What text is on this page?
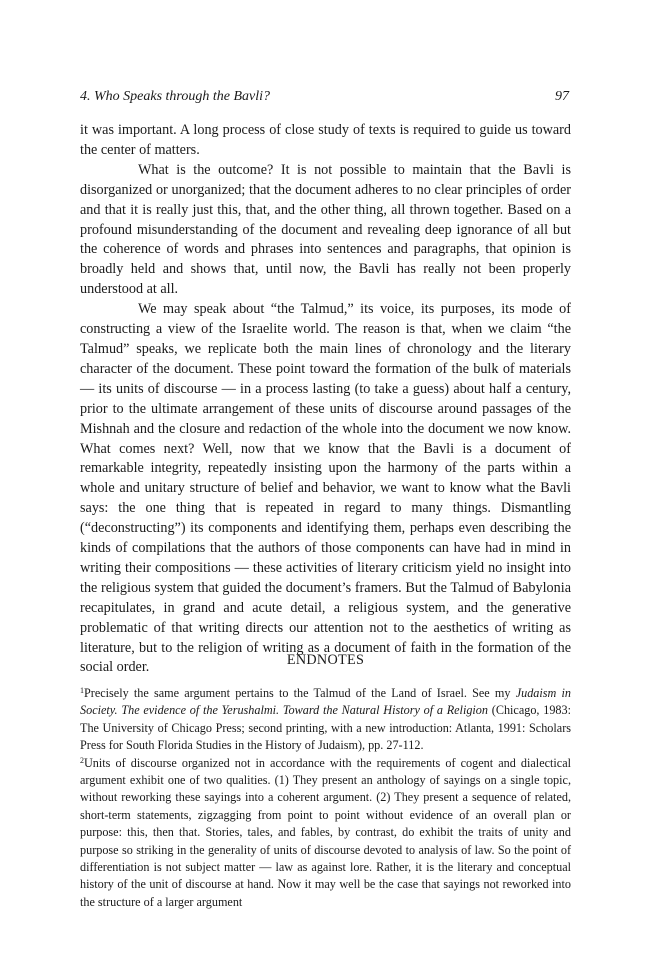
4. Who Speaks through the Bavli?	97

it was important. A long process of close study of texts is required to guide us toward the center of matters.

What is the outcome? It is not possible to maintain that the Bavli is disorganized or unorganized; that the document adheres to no clear principles of order and that it is really just this, that, and the other thing, all thrown together. Based on a profound misunderstanding of the document and revealing deep ignorance of all but the coherence of words and phrases into sentences and paragraphs, that opinion is broadly held and shows that, until now, the Bavli has really not been properly understood at all.

We may speak about “the Talmud,” its voice, its purposes, its mode of constructing a view of the Israelite world. The reason is that, when we claim “the Talmud” speaks, we replicate both the main lines of chronology and the literary character of the document. These point toward the formation of the bulk of materials — its units of discourse — in a process lasting (to take a guess) about half a century, prior to the ultimate arrangement of these units of discourse around passages of the Mishnah and the closure and redaction of the whole into the document we now know. What comes next? Well, now that we know that the Bavli is a document of remarkable integrity, repeatedly insisting upon the harmony of the parts within a whole and unitary structure of belief and behavior, we want to know what the Bavli says: the one thing that is repeated in regard to many things. Dismantling (“deconstructing”) its components and identifying them, perhaps even describing the kinds of compilations that the authors of those components can have had in mind in writing their compositions — these activities of literary criticism yield no insight into the religious system that guided the document’s framers. But the Talmud of Babylonia recapitulates, in grand and acute detail, a religious system, and the generative problematic of that writing directs our attention not to the aesthetics of writing as literature, but to the religion of writing as a document of faith in the formation of the social order.	ENDNOTES

$^1$Precisely the same argument pertains to the Talmud of the Land of Israel. See my Judaism in Society. The evidence of the Yerushalmi. Toward the Natural History of a Religion (Chicago, 1983: The University of Chicago Press; second printing, with a new introduction: Atlanta, 1991: Scholars Press for South Florida Studies in the History of Judaism), pp. 27-112.

$^2$Units of discourse organized not in accordance with the requirements of cogent and dialectical argument exhibit one of two qualities. (1) They present an anthology of sayings on a single topic, without reworking these sayings into a coherent argument. (2) They present a sequence of related, short-term statements, zigzagging from point to point without evidence of an overall plan or purpose: this, then that. Stories, tales, and fables, by contrast, do exhibit the traits of unity and purpose so striking in the generality of units of discourse devoted to analysis of law. So the point of differentiation is not subject matter — law as against lore. Rather, it is the literary and conceptual history of the unit of discourse at hand. Now it may well be the case that sayings not reworked into the structure of a larger argument
